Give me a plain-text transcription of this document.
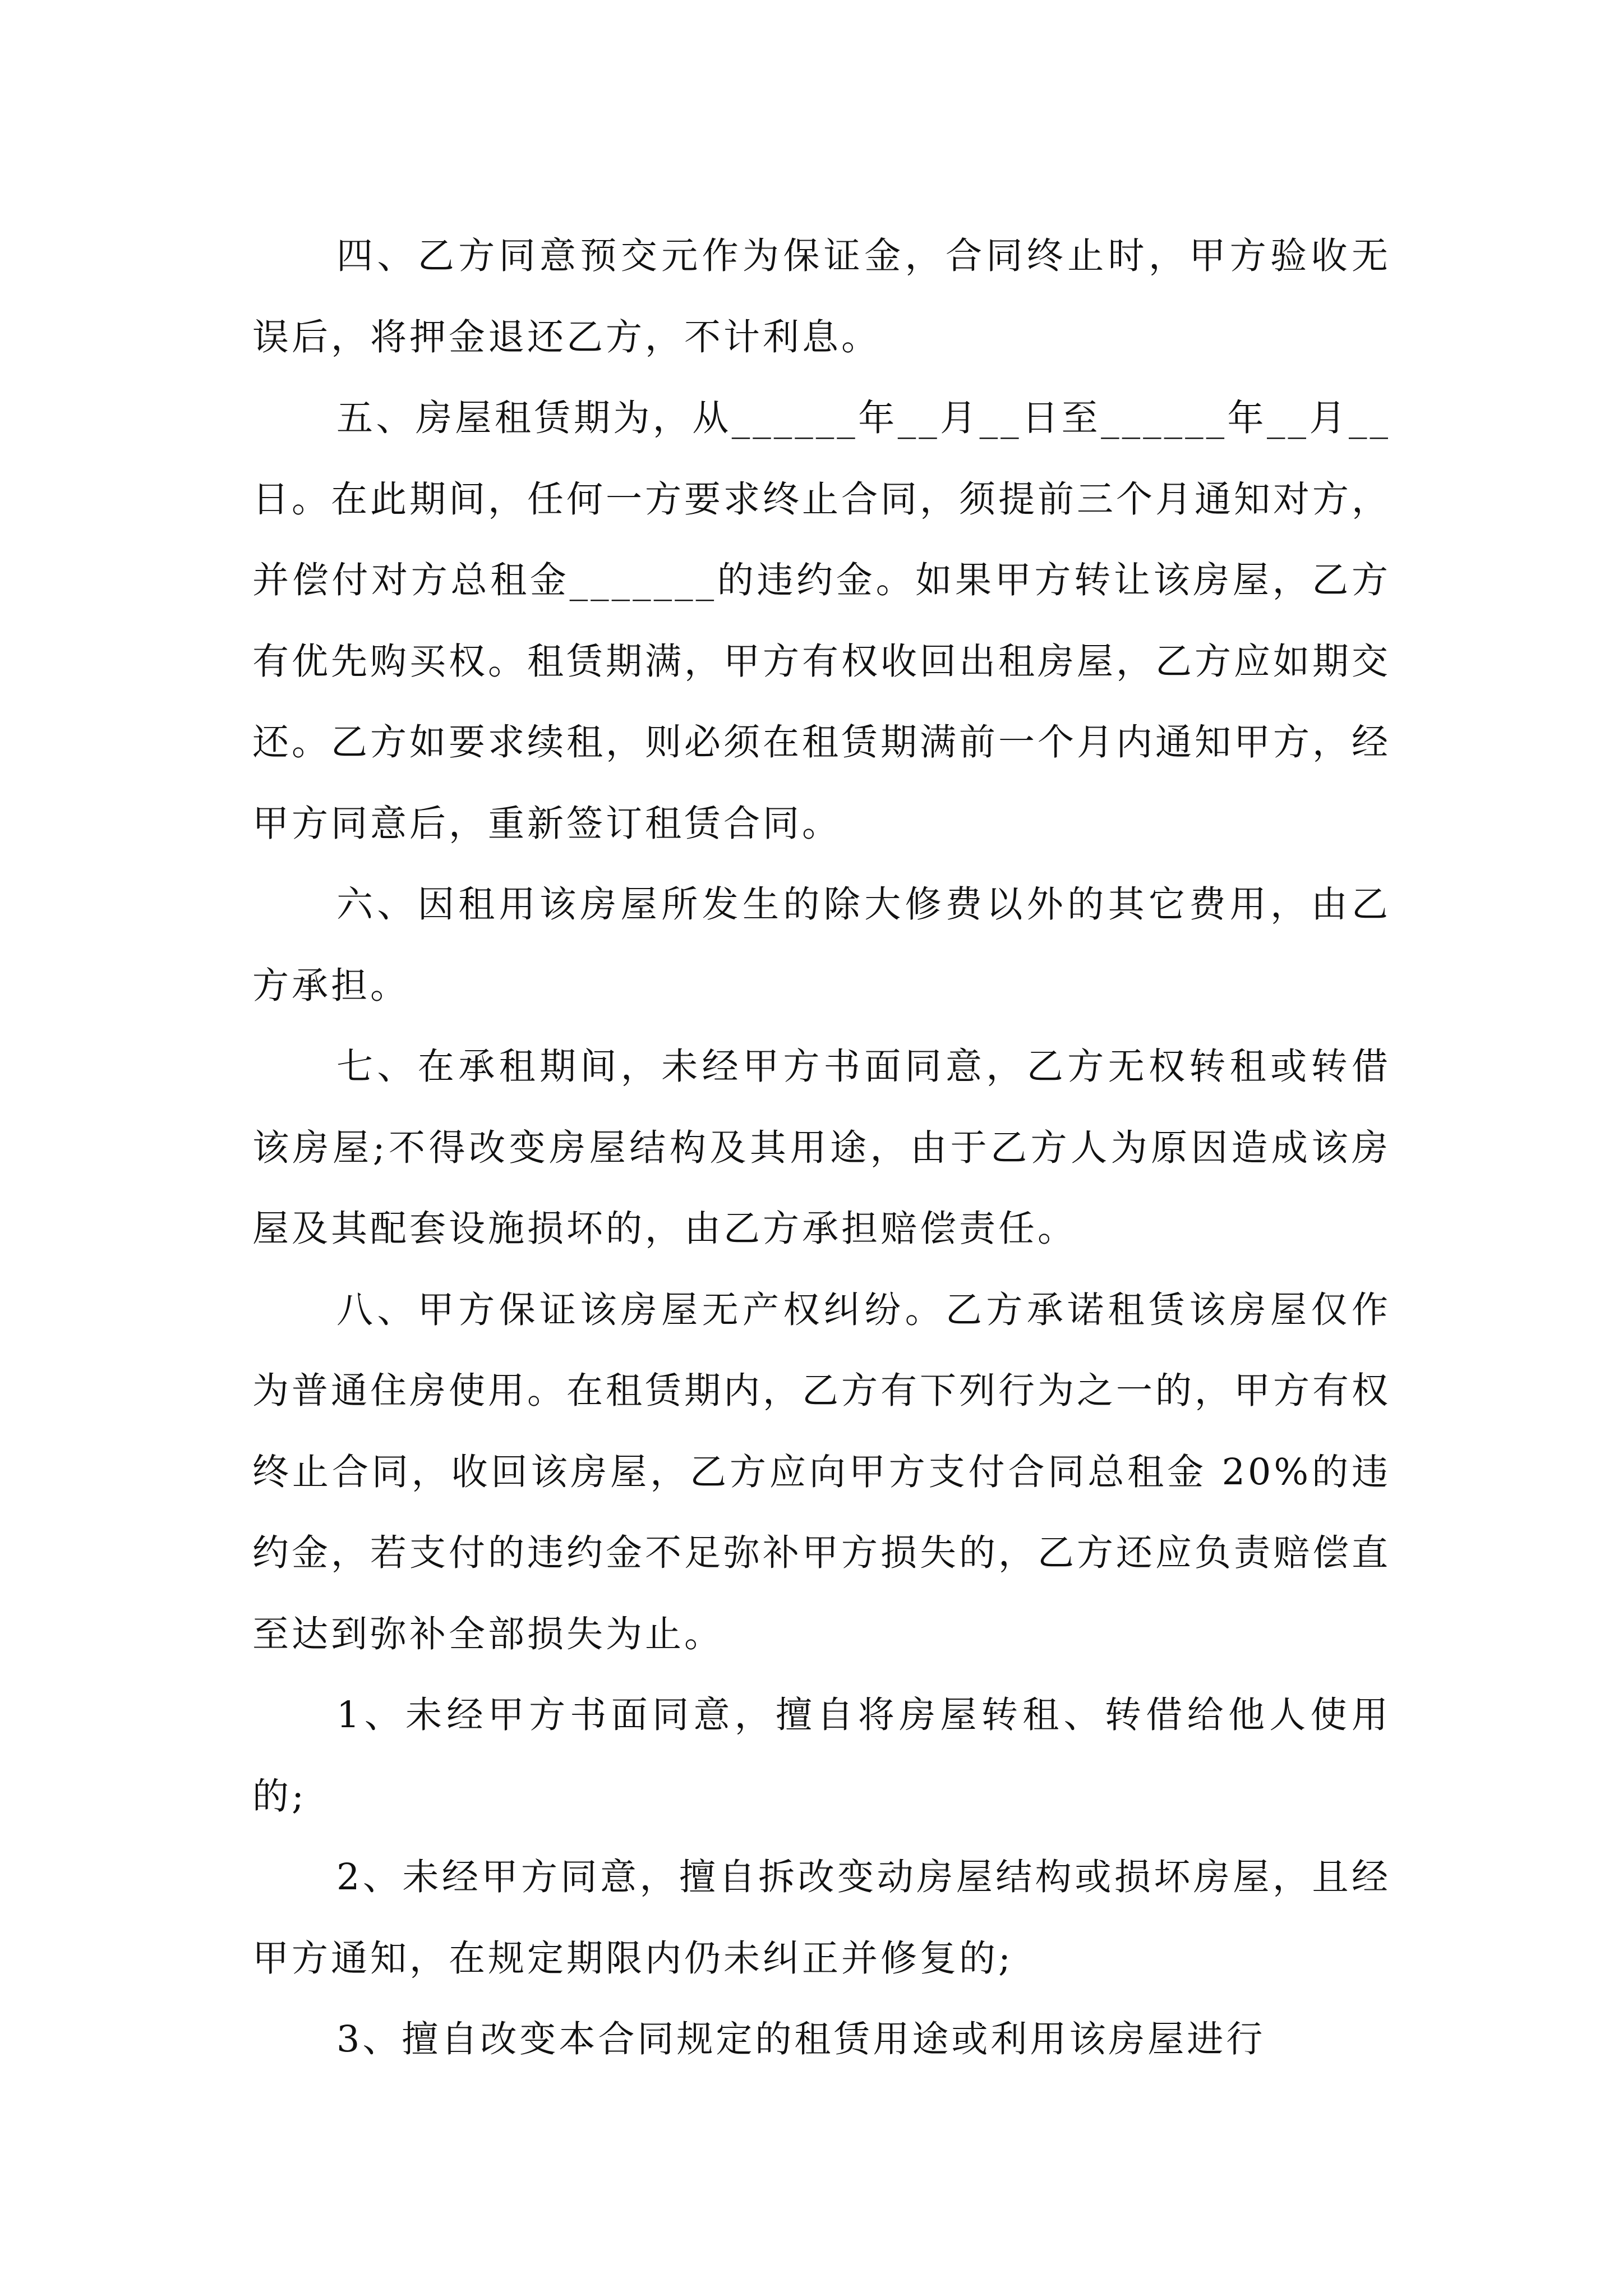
四、乙方同意预交元作为保证金，合同终止时，甲方验收无误后，将押金退还乙方，不计利息。

五、房屋租赁期为，从______年__月__日至______年__月__日。在此期间，任何一方要求终止合同，须提前三个月通知对方，并偿付对方总租金_______的违约金。如果甲方转让该房屋，乙方有优先购买权。租赁期满，甲方有权收回出租房屋，乙方应如期交还。乙方如要求续租，则必须在租赁期满前一个月内通知甲方，经甲方同意后，重新签订租赁合同。

六、因租用该房屋所发生的除大修费以外的其它费用，由乙方承担。

七、在承租期间，未经甲方书面同意，乙方无权转租或转借该房屋;不得改变房屋结构及其用途，由于乙方人为原因造成该房屋及其配套设施损坏的，由乙方承担赔偿责任。

八、甲方保证该房屋无产权纠纷。乙方承诺租赁该房屋仅作为普通住房使用。在租赁期内，乙方有下列行为之一的，甲方有权终止合同，收回该房屋，乙方应向甲方支付合同总租金 20%的违约金，若支付的违约金不足弥补甲方损失的，乙方还应负责赔偿直至达到弥补全部损失为止。

1、未经甲方书面同意，擅自将房屋转租、转借给他人使用的;

2、未经甲方同意，擅自拆改变动房屋结构或损坏房屋，且经甲方通知，在规定期限内仍未纠正并修复的;

3、擅自改变本合同规定的租赁用途或利用该房屋进行
